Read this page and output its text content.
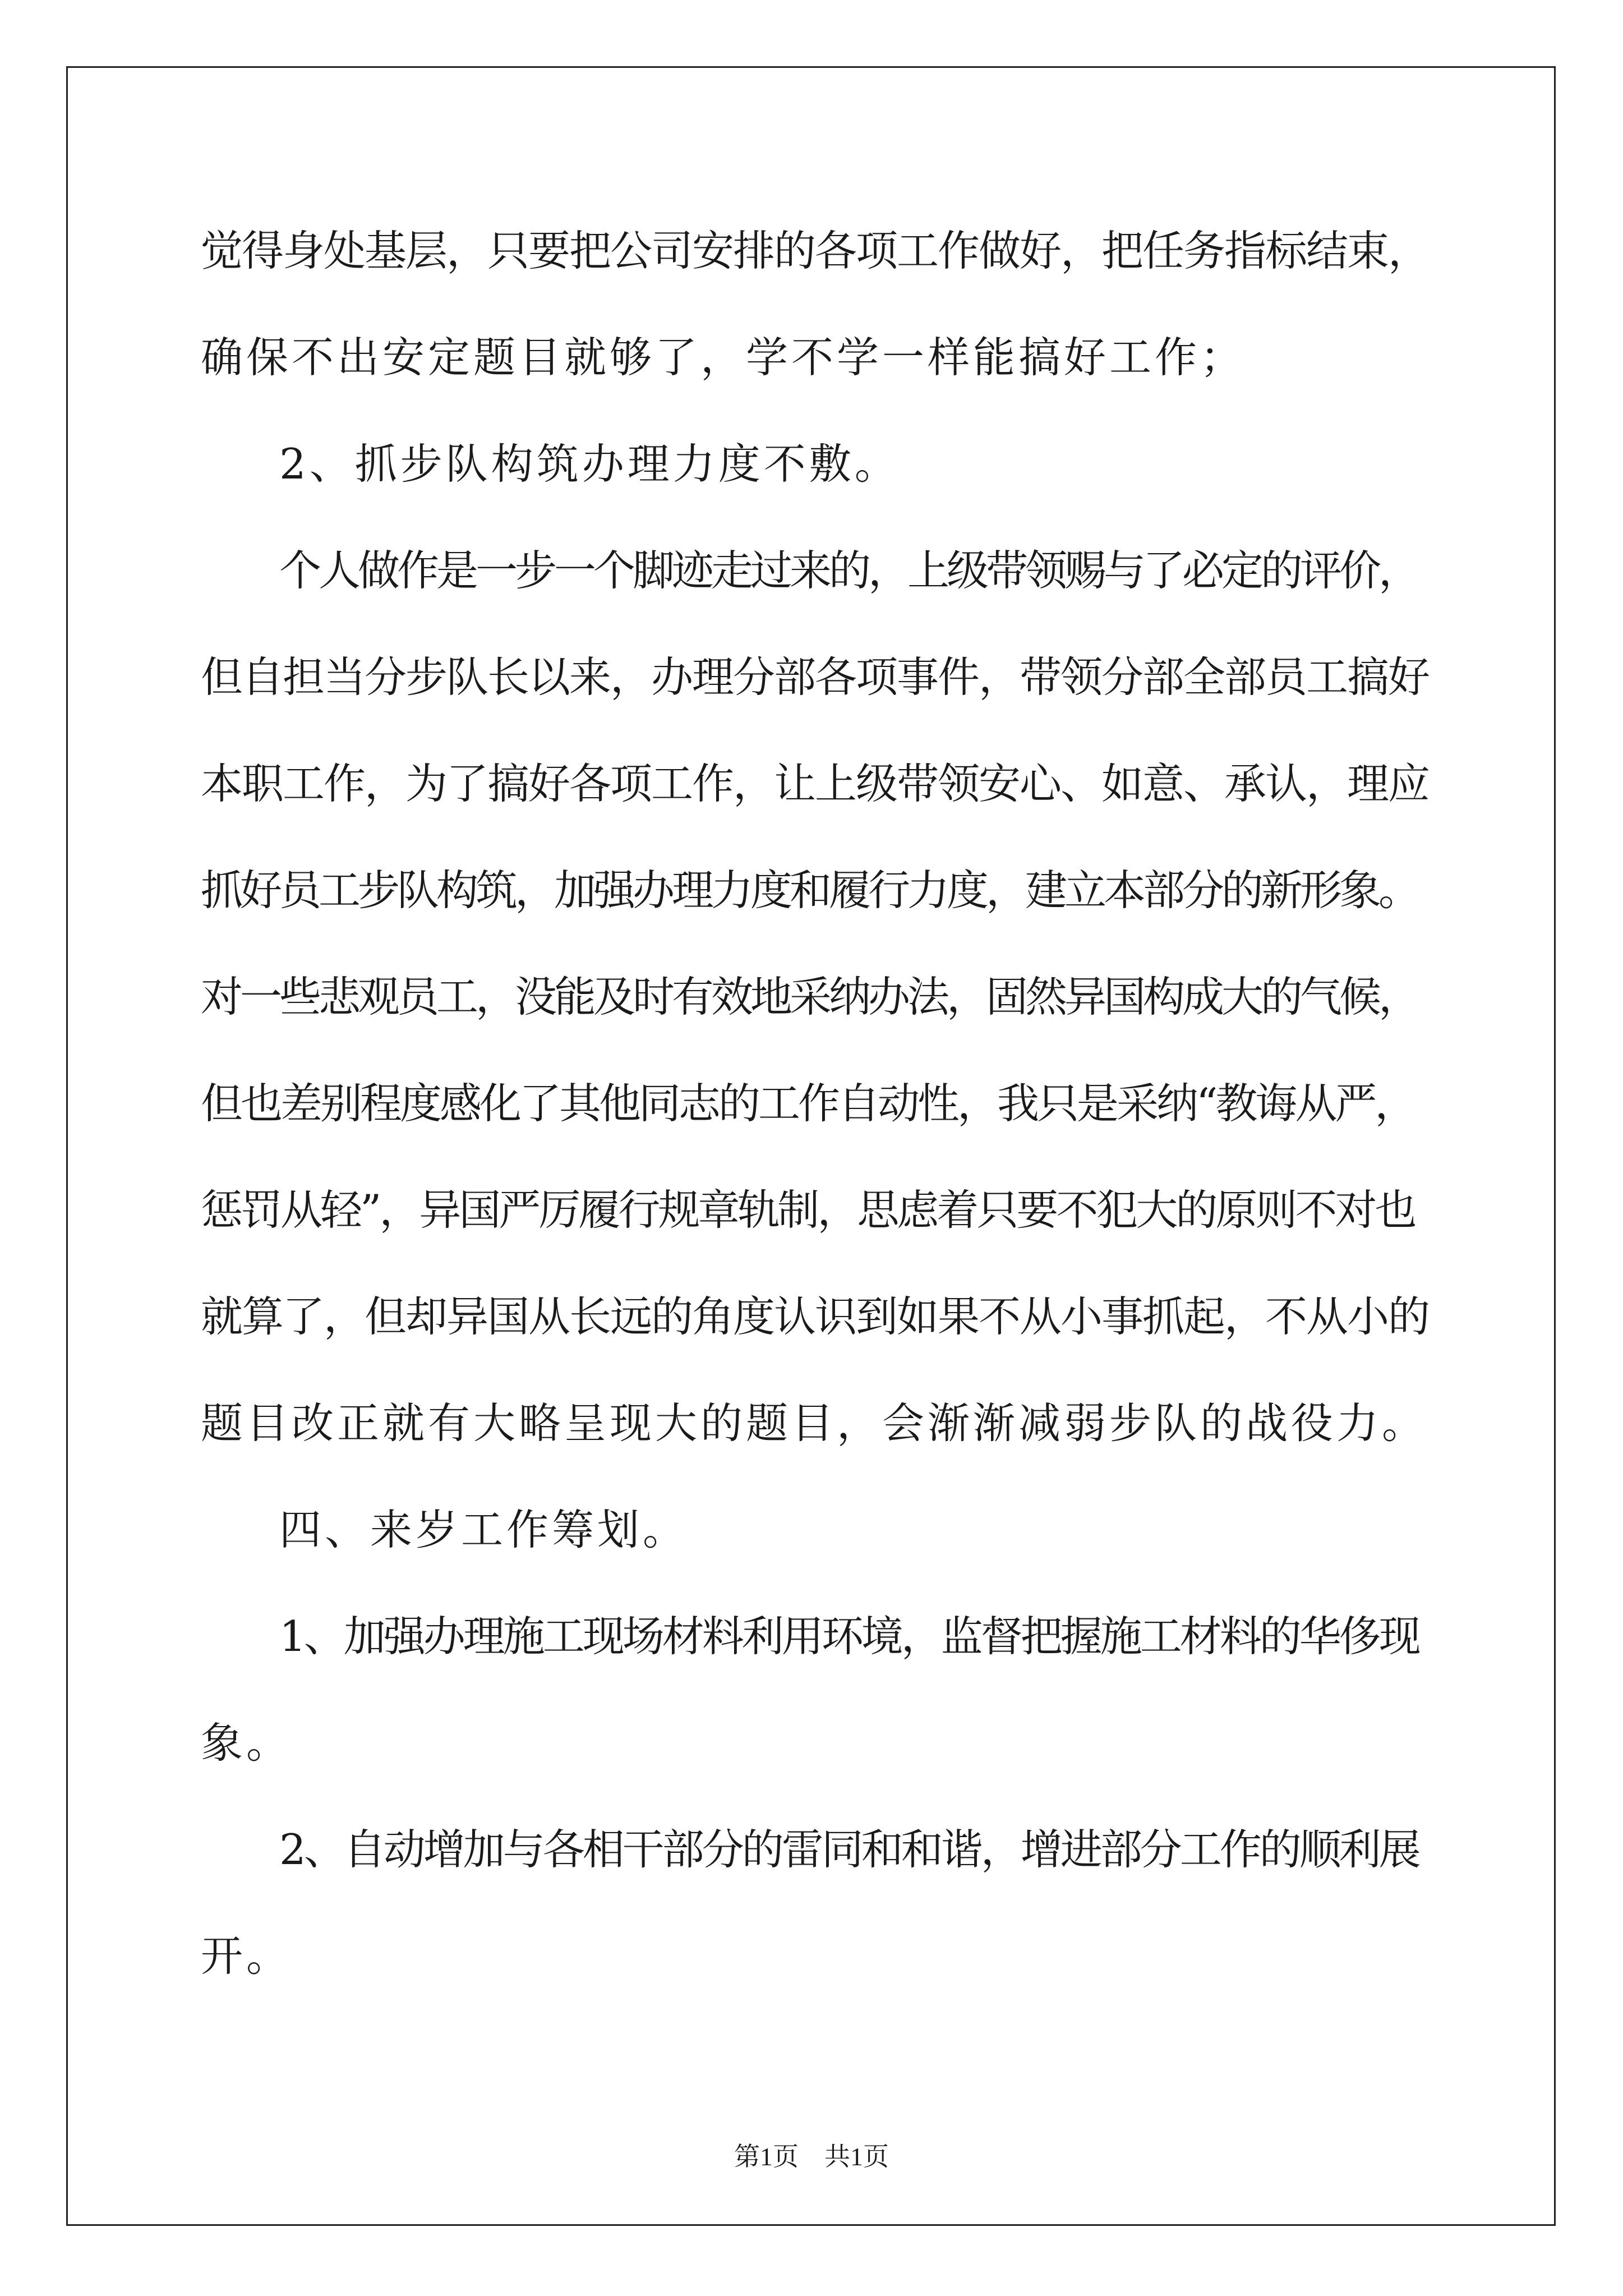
觉得身处基层，只要把公司安排的各项工作做好，把任务指标结束，
确保不出安定题目就够了，学不学一样能搞好工作；
2、抓步队构筑办理力度不敷。
个人做作是一步一个脚迹走过来的，上级带领赐与了必定的评价，
但自担当分步队长以来，办理分部各项事件，带领分部全部员工搞好
本职工作，为了搞好各项工作，让上级带领安心、如意、承认，理应
抓好员工步队构筑，加强办理力度和履行力度，建立本部分的新形象。
对一些悲观员工，没能及时有效地采纳办法，固然异国构成大的气候，
但也差别程度感化了其他同志的工作自动性，我只是采纳“教诲从严，
惩罚从轻”，异国严厉履行规章轨制，思虑着只要不犯大的原则不对也
就算了，但却异国从长远的角度认识到如果不从小事抓起，不从小的
题目改正就有大略呈现大的题目，会渐渐减弱步队的战役力。
四、来岁工作筹划。
1、加强办理施工现场材料利用环境，监督把握施工材料的华侈现
象。
2、自动增加与各相干部分的雷同和和谐，增进部分工作的顺利展
开。
第1页　共1页
